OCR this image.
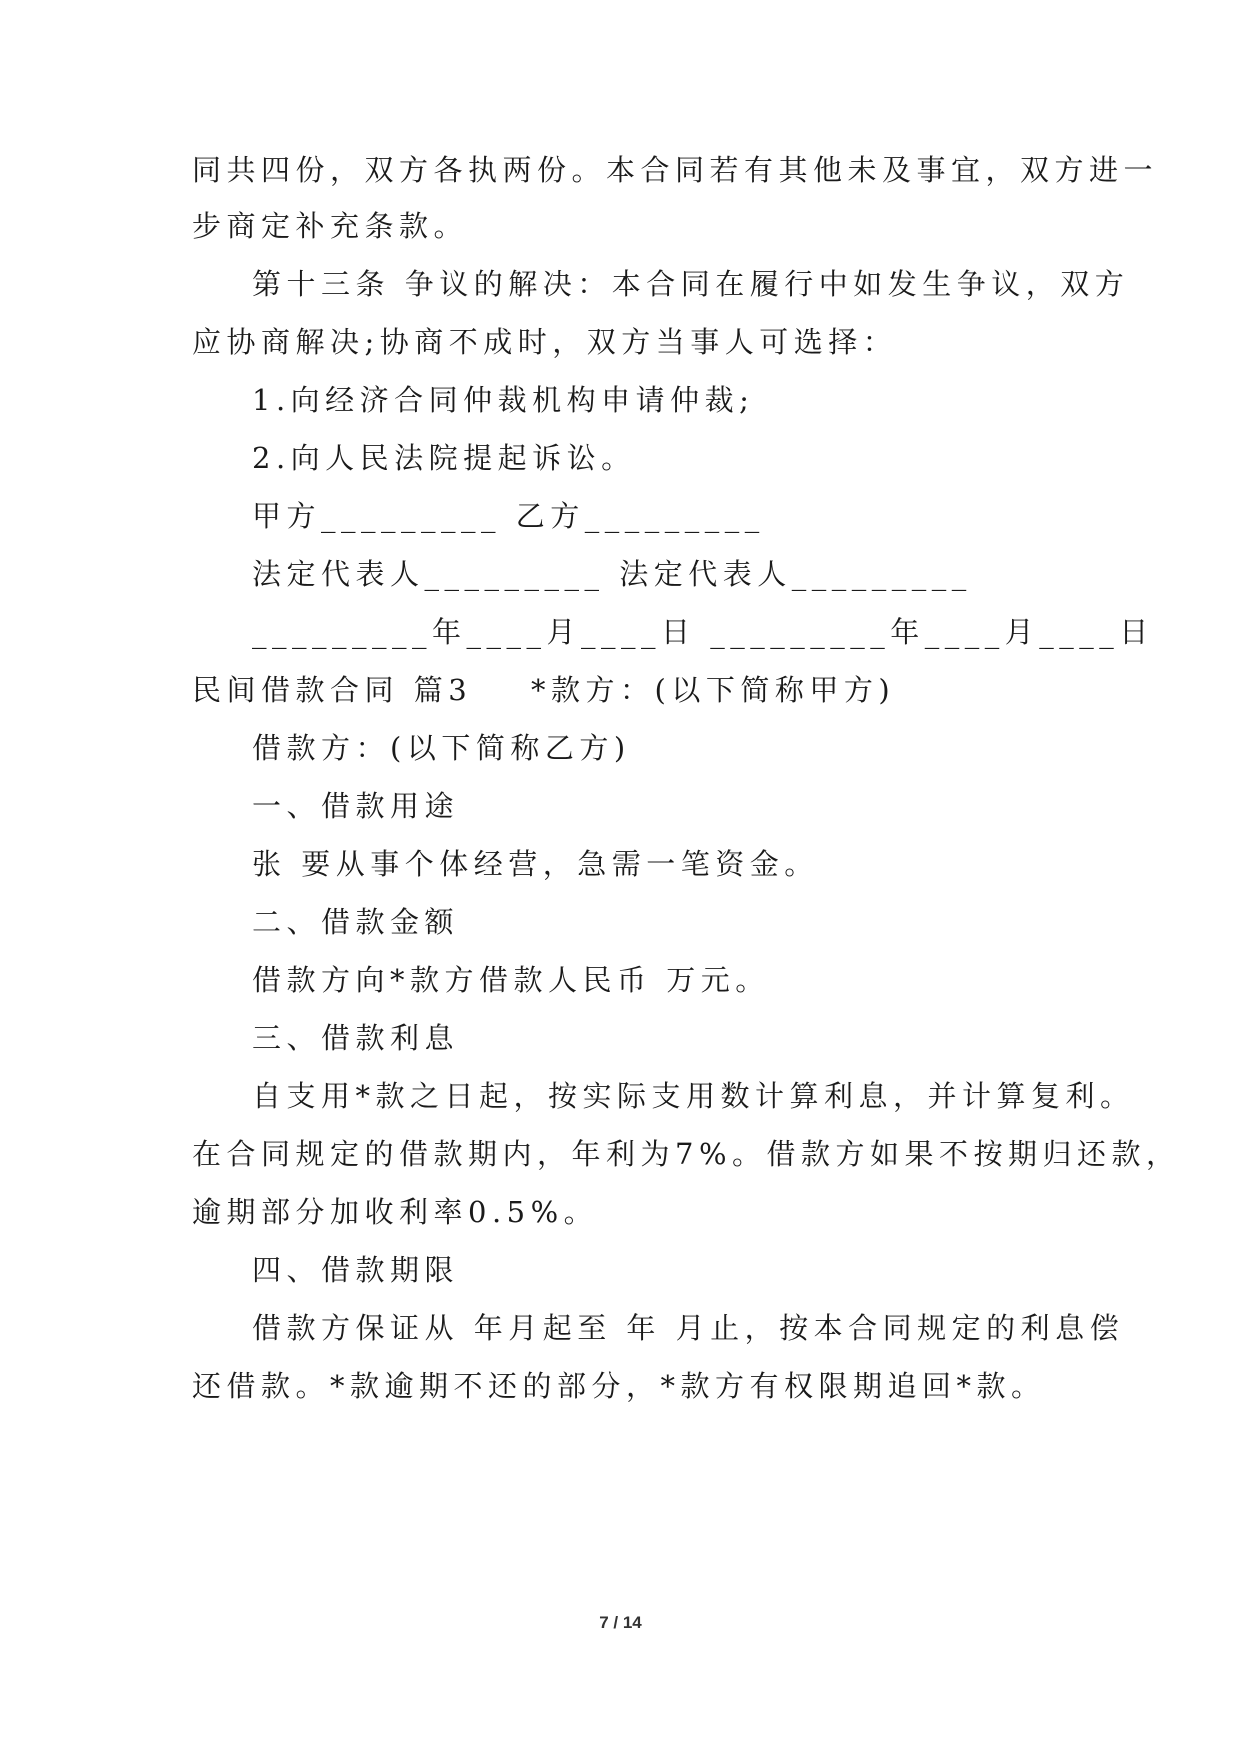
同共四份，双方各执两份。本合同若有其他未及事宜，双方进一
步商定补充条款。
第十三条 争议的解决：本合同在履行中如发生争议，双方
应协商解决;协商不成时，双方当事人可选择：
1.向经济合同仲裁机构申请仲裁;
2.向人民法院提起诉讼。
甲方_________ 乙方_________
法定代表人_________ 法定代表人_________
_________年____月____日 _________年____月____日
民间借款合同 篇3    *款方：(以下简称甲方)
借款方：(以下简称乙方)
一、借款用途
张 要从事个体经营，急需一笔资金。
二、借款金额
借款方向*款方借款人民币 万元。
三、借款利息
自支用*款之日起，按实际支用数计算利息，并计算复利。
在合同规定的借款期内，年利为7%。借款方如果不按期归还款，
逾期部分加收利率0.5%。
四、借款期限
借款方保证从 年月起至 年 月止，按本合同规定的利息偿
还借款。*款逾期不还的部分，*款方有权限期追回*款。
7 / 14
